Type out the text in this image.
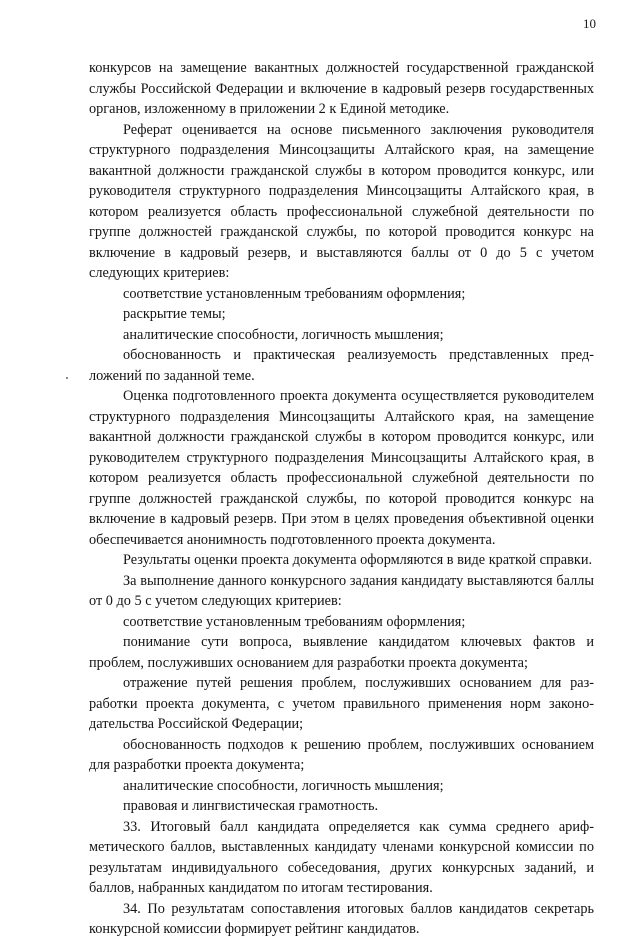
10

конкурсов на замещение вакантных должностей государственной гражданской службы Российской Федерации и включение в кадровый резерв государственных органов, изложенному в приложении 2 к Единой методике.

Реферат оценивается на основе письменного заключения руководителя структурного подразделения Минсоцзащиты Алтайского края, на замещение вакантной должности гражданской службы в котором проводится конкурс, или руководителя структурного подразделения Минсоцзащиты Алтайского края, в котором реализуется область профессиональной служебной деятельности по группе должностей гражданской службы, по которой проводится конкурс на включение в кадровый резерв, и выставляются баллы от 0 до 5 с учетом следующих критериев:

соответствие установленным требованиям оформления;

раскрытие темы;

аналитические способности, логичность мышления;

обоснованность и практическая реализуемость представленных предложений по заданной теме.

Оценка подготовленного проекта документа осуществляется руководителем структурного подразделения Минсоцзащиты Алтайского края, на замещение вакантной должности гражданской службы в котором проводится конкурс, или руководителем структурного подразделения Минсоцзащиты Алтайского края, в котором реализуется область профессиональной служебной деятельности по группе должностей гражданской службы, по которой проводится конкурс на включение в кадровый резерв. При этом в целях проведения объективной оценки обеспечивается анонимность подготовленного проекта документа.

Результаты оценки проекта документа оформляются в виде краткой справки.

За выполнение данного конкурсного задания кандидату выставляются баллы от 0 до 5 с учетом следующих критериев:

соответствие установленным требованиям оформления;

понимание сути вопроса, выявление кандидатом ключевых фактов и проблем, послуживших основанием для разработки проекта документа;

отражение путей решения проблем, послуживших основанием для разработки проекта документа, с учетом правильного применения норм законодательства Российской Федерации;

обоснованность подходов к решению проблем, послуживших основанием для разработки проекта документа;

аналитические способности, логичность мышления;

правовая и лингвистическая грамотность.

33. Итоговый балл кандидата определяется как сумма среднего арифметического баллов, выставленных кандидату членами конкурсной комиссии по результатам индивидуального собеседования, других конкурсных заданий, и баллов, набранных кандидатом по итогам тестирования.

34. По результатам сопоставления итоговых баллов кандидатов секретарь конкурсной комиссии формирует рейтинг кандидатов.
